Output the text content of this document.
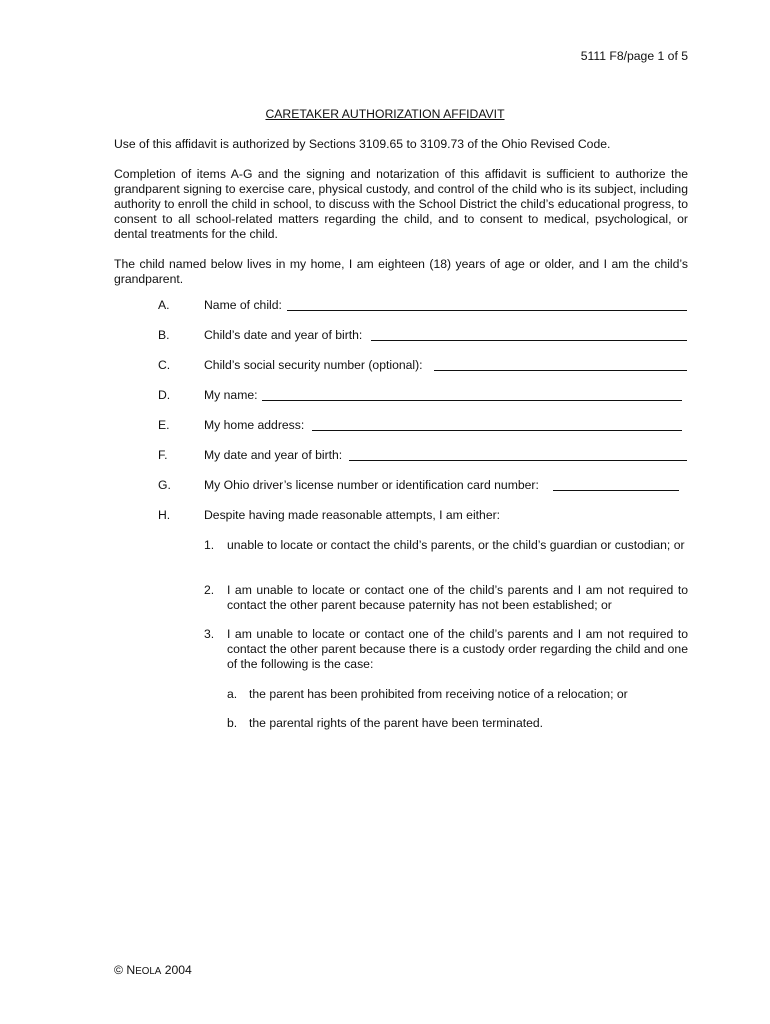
5111 F8/page 1 of 5
CARETAKER AUTHORIZATION AFFIDAVIT
Use of this affidavit is authorized by Sections 3109.65 to 3109.73 of the Ohio Revised Code.
Completion of items A-G and the signing and notarization of this affidavit is sufficient to authorize the grandparent signing to exercise care, physical custody, and control of the child who is its subject, including authority to enroll the child in school, to discuss with the School District the child’s educational progress, to consent to all school-related matters regarding the child, and to consent to medical, psychological, or dental treatments for the child.
The child named below lives in my home, I am eighteen (18) years of age or older, and I am the child’s grandparent.
A.	Name of child:
B.	Child’s date and year of birth:
C.	Child’s social security number (optional):
D.	My name:
E.	My home address:
F.	My date and year of birth:
G.	My Ohio driver’s license number or identification card number:
H.	Despite having made reasonable attempts, I am either:
1. unable to locate or contact the child’s parents, or the child’s guardian or custodian; or
2. I am unable to locate or contact one of the child’s parents and I am not required to contact the other parent because paternity has not been established; or
3. I am unable to locate or contact one of the child’s parents and I am not required to contact the other parent because there is a custody order regarding the child and one of the following is the case:
a. the parent has been prohibited from receiving notice of a relocation; or
b. the parental rights of the parent have been terminated.
© NEOLA 2004
